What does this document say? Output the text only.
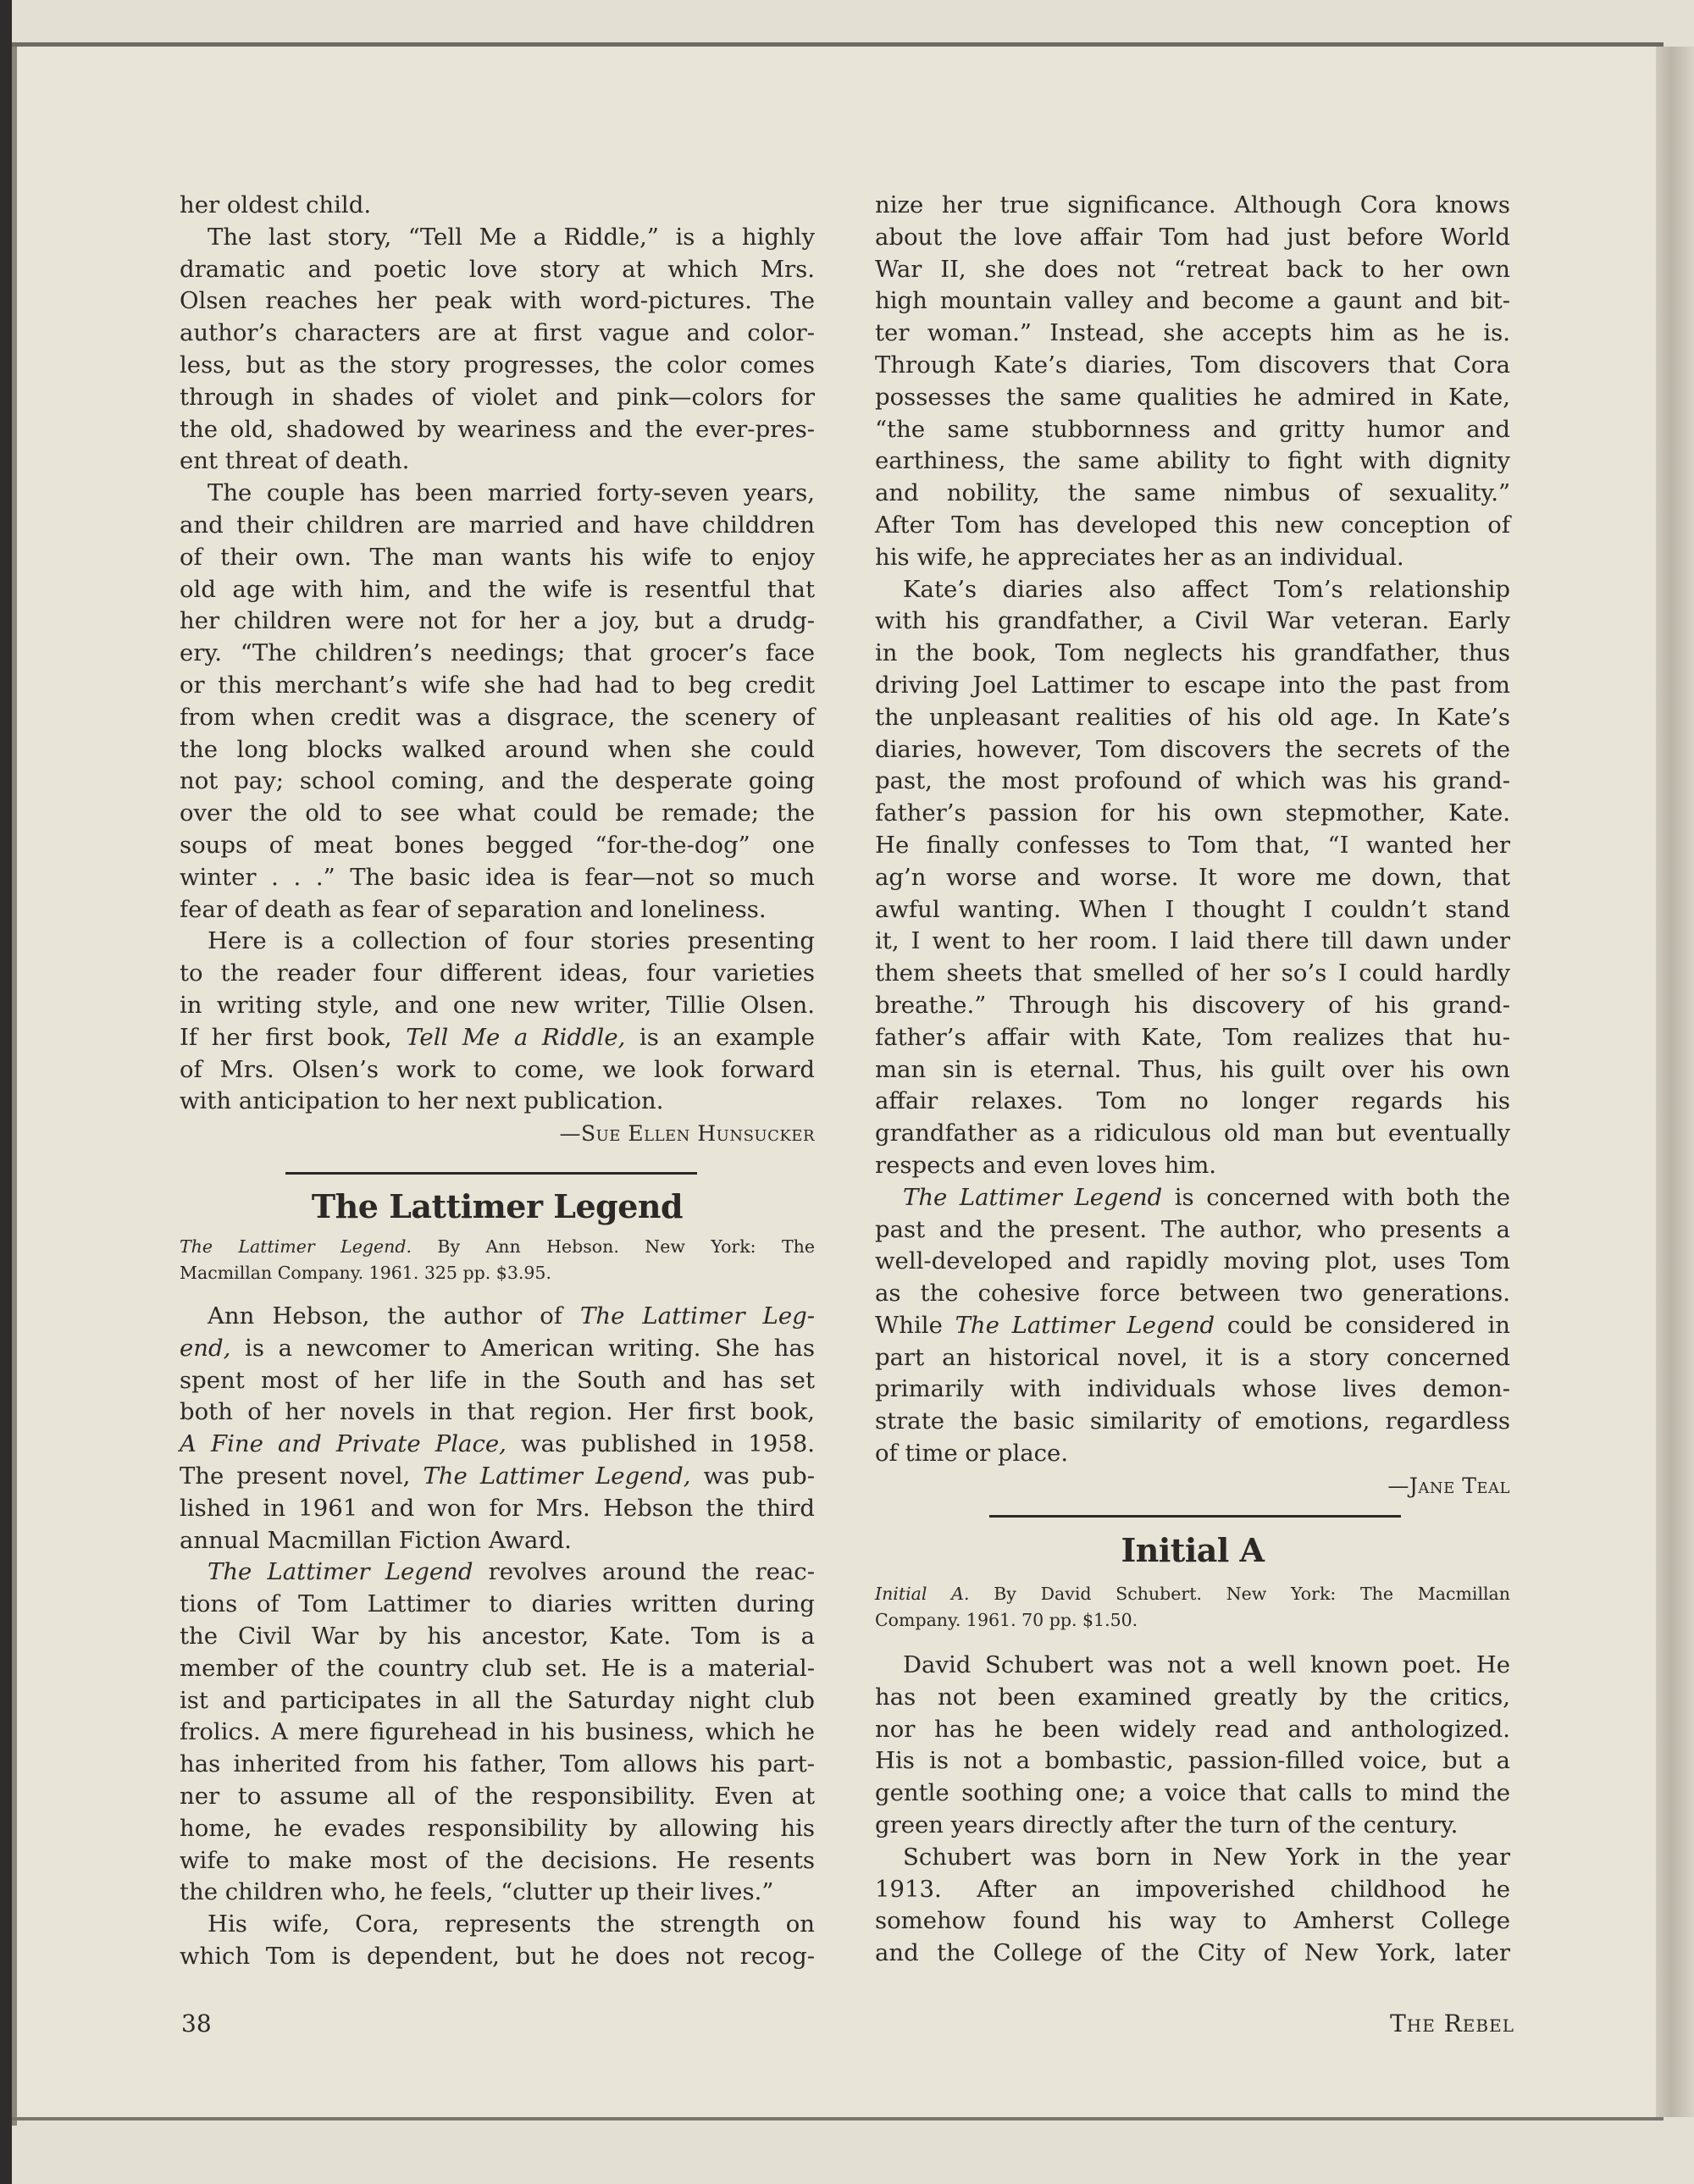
her oldest child.
The last story, “Tell Me a Riddle,” is a highly
dramatic and poetic love story at which Mrs.
Olsen reaches her peak with word-pictures. The
author’s characters are at first vague and color-
less, but as the story progresses, the color comes
through in shades of violet and pink—colors for
the old, shadowed by weariness and the ever-pres-
ent threat of death.
The couple has been married forty-seven years,
and their children are married and have childdren
of their own. The man wants his wife to enjoy
old age with him, and the wife is resentful that
her children were not for her a joy, but a drudg-
ery. “The children’s needings; that grocer’s face
or this merchant’s wife she had had to beg credit
from when credit was a disgrace, the scenery of
the long blocks walked around when she could
not pay; school coming, and the desperate going
over the old to see what could be remade; the
soups of meat bones begged “for-the-dog” one
winter . . .” The basic idea is fear—not so much
fear of death as fear of separation and loneliness.
Here is a collection of four stories presenting
to the reader four different ideas, four varieties
in writing style, and one new writer, Tillie Olsen.
If her first book, Tell Me a Riddle, is an example
of Mrs. Olsen’s work to come, we look forward
with anticipation to her next publication.
—Sue Ellen Hunsucker
The Lattimer Legend
The Lattimer Legend. By Ann Hebson. New York: The
Macmillan Company. 1961. 325 pp. $3.95.
Ann Hebson, the author of The Lattimer Leg-
end, is a newcomer to American writing. She has
spent most of her life in the South and has set
both of her novels in that region. Her first book,
A Fine and Private Place, was published in 1958.
The present novel, The Lattimer Legend, was pub-
lished in 1961 and won for Mrs. Hebson the third
annual Macmillan Fiction Award.
The Lattimer Legend revolves around the reac-
tions of Tom Lattimer to diaries written during
the Civil War by his ancestor, Kate. Tom is a
member of the country club set. He is a material-
ist and participates in all the Saturday night club
frolics. A mere figurehead in his business, which he
has inherited from his father, Tom allows his part-
ner to assume all of the responsibility. Even at
home, he evades responsibility by allowing his
wife to make most of the decisions. He resents
the children who, he feels, “clutter up their lives.”
His wife, Cora, represents the strength on
which Tom is dependent, but he does not recog-
nize her true significance. Although Cora knows
about the love affair Tom had just before World
War II, she does not “retreat back to her own
high mountain valley and become a gaunt and bit-
ter woman.” Instead, she accepts him as he is.
Through Kate’s diaries, Tom discovers that Cora
possesses the same qualities he admired in Kate,
“the same stubbornness and gritty humor and
earthiness, the same ability to fight with dignity
and nobility, the same nimbus of sexuality.”
After Tom has developed this new conception of
his wife, he appreciates her as an individual.
Kate’s diaries also affect Tom’s relationship
with his grandfather, a Civil War veteran. Early
in the book, Tom neglects his grandfather, thus
driving Joel Lattimer to escape into the past from
the unpleasant realities of his old age. In Kate’s
diaries, however, Tom discovers the secrets of the
past, the most profound of which was his grand-
father’s passion for his own stepmother, Kate.
He finally confesses to Tom that, “I wanted her
ag’n worse and worse. It wore me down, that
awful wanting. When I thought I couldn’t stand
it, I went to her room. I laid there till dawn under
them sheets that smelled of her so’s I could hardly
breathe.” Through his discovery of his grand-
father’s affair with Kate, Tom realizes that hu-
man sin is eternal. Thus, his guilt over his own
affair relaxes. Tom no longer regards his
grandfather as a ridiculous old man but eventually
respects and even loves him.
The Lattimer Legend is concerned with both the
past and the present. The author, who presents a
well-developed and rapidly moving plot, uses Tom
as the cohesive force between two generations.
While The Lattimer Legend could be considered in
part an historical novel, it is a story concerned
primarily with individuals whose lives demon-
strate the basic similarity of emotions, regardless
of time or place.
—Jane Teal
Initial A
Initial A. By David Schubert. New York: The Macmillan
Company. 1961. 70 pp. $1.50.
David Schubert was not a well known poet. He
has not been examined greatly by the critics,
nor has he been widely read and anthologized.
His is not a bombastic, passion-filled voice, but a
gentle soothing one; a voice that calls to mind the
green years directly after the turn of the century.
Schubert was born in New York in the year
1913. After an impoverished childhood he
somehow found his way to Amherst College
and the College of the City of New York, later
38	The Rebel
